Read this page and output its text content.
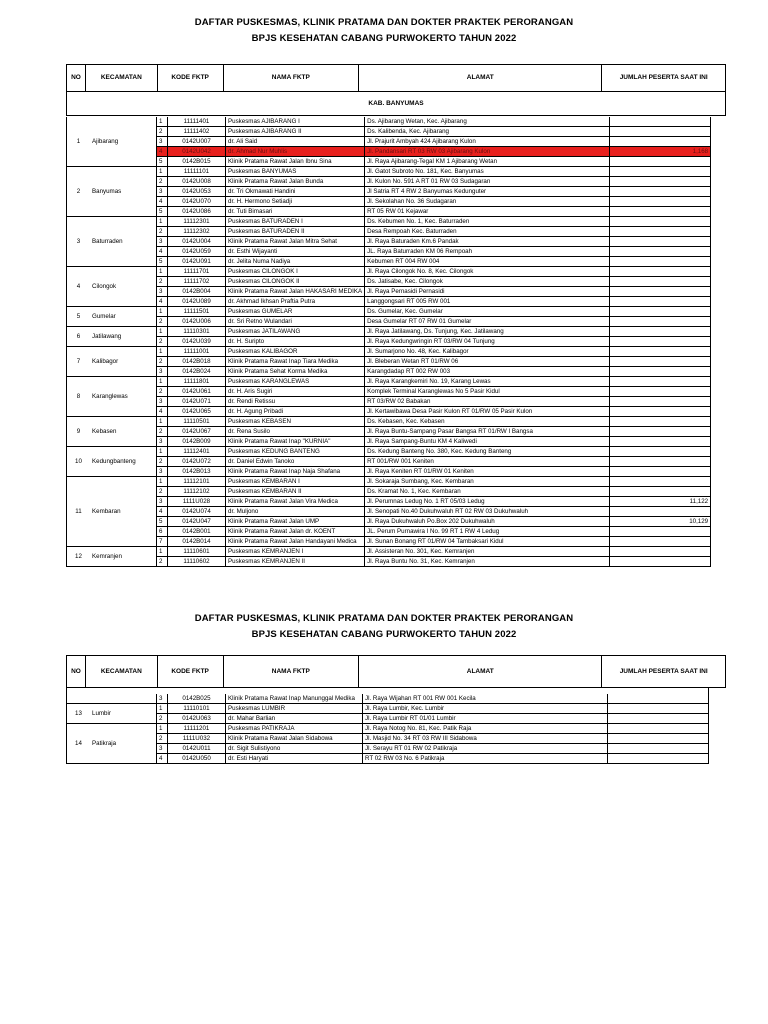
DAFTAR PUSKESMAS, KLINIK PRATAMA DAN DOKTER PRAKTEK PERORANGAN
BPJS KESEHATAN CABANG PURWOKERTO TAHUN 2022
NO	KECAMATAN	KODE FKTP	NAMA FKTP	ALAMAT	JUMLAH PESERTA SAAT INI
KAB. BANYUMAS
1	Ajibarang	1	11111401	Puskesmas AJIBARANG I	Ds. Ajibarang Wetan, Kec. Ajibarang	
		2	11111402	Puskesmas AJIBARANG II	Ds. Kalibenda, Kec. Ajibarang	
		3	0142U007	dr. Ali Said	Jl. Prajurit Ambyah 424 Ajibarang Kulon	
		4	0142U042	dr. Ahmad Nur Muhlis	Jl. Pandansari RT 03 RW 03 Ajibarang Kulon	1,168
		5	0142B015	Klinik Pratama Rawat Jalan Ibnu Sina	Jl. Raya Ajibarang-Tegal KM 1 Ajibarang Wetan	
2	Banyumas	1	11111101	Puskesmas BANYUMAS	Jl. Gatot Subroto No. 181, Kec. Banyumas	
		2	0142U008	Klinik Pratama Rawat Jalan Bunda	Jl. Kulon No. 591 A RT 01 RW 03 Sudagaran	
		3	0142U053	dr. Tri Okmawati Handini	Jl Satria RT 4 RW 2 Banyumas Kedunguter	
		4	0142U070	dr. H. Hermono Setiadji	Jl. Sekolahan No. 36 Sudagaran	
		5	0142U086	dr. Tuti Bimasari	RT 05 RW 01 Kejawar	
3	Baturraden	1	11112301	Puskesmas BATURADEN I	Ds. Kebumen No. 1, Kec. Baturraden	
		2	11112302	Puskesmas BATURADEN II	Desa Rempoah Kec. Baturraden	
		3	0142U004	Klinik Pratama Rawat Jalan Mitra Sehat	Jl. Raya Baturaden Km.6 Pandak	
		4	0142U059	dr. Esthi Wijayanti	JL. Raya Baturraden KM 06 Rempoah	
		5	0142U091	dr. Jelita Numa Nadiya	Kebumen RT 004 RW 004	
4	Cilongok	1	11111701	Puskesmas CILONGOK I	Jl. Raya Cilongok No. 8, Kec. Cilongok	
		2	11111702	Puskesmas CILONGOK II	Ds. Jatisabe, Kec. Cilongok	
		3	0142B004	Klinik Pratama Rawat Jalan HAKASARI MEDIKA	Jl. Raya Pernasidi Pernasidi	
		4	0142U089	dr. Akhmad Ikhsan Praftia Putra	Langgongsari RT 005 RW 001	
5	Gumelar	1	11111501	Puskesmas GUMELAR	Ds. Gumelar, Kec. Gumelar	
		2	0142U006	dr. Sri Retno Wulandari	Desa Gumelar RT 07 RW 01 Gumelar	
6	Jatilawang	1	11110301	Puskesmas JATILAWANG	Jl. Raya Jatilawang, Ds. Tunjung, Kec. Jatilawang	
		2	0142U039	dr. H. Suripto	Jl. Raya Kedungwringin RT 03/RW 04 Tunjung	
7	Kalibagor	1	11111001	Puskesmas KALIBAGOR	Jl. Sumarjono No. 48, Kec. Kalibagor	
		2	0142B018	Klinik Pratama Rawat Inap Tiara Medika	Jl. Bleberan Wetan RT 01/RW 06	
		3	0142B024	Klinik Pratama Sehat Korma Medika	Karangdadap RT 002 RW 003	
8	Karanglewas	1	11111801	Puskesmas KARANGLEWAS	Jl. Raya Karangkemiri No. 19, Karang Lewas	
		2	0142U061	dr. H. Aris Sugiri	Komplek Terminal Karanglewas No 5 Pasir Kidul	
		3	0142U071	dr. Rendi Retissu	RT 03/RW 02 Babakan	
		4	0142U065	dr. H. Agung Pribadi	Jl. Kertawibawa Desa Pasir Kulon RT 01/RW 05 Pasir Kulon	
9	Kebasen	1	11110501	Puskesmas KEBASEN	Ds. Kebasen, Kec. Kebasen	
		2	0142U067	dr. Rena Susilo	Jl. Raya Buntu-Sampang Pasar Bangsa RT 01/RW I Bangsa	
		3	0142B009	Klinik Pratama Rawat Inap "KURNIA"	Jl. Raya Sampang-Buntu KM 4 Kaliwedi	
10	Kedungbanteng	1	11112401	Puskesmas KEDUNG BANTENG	Ds. Kedung Banteng No. 380, Kec. Kedung Banteng	
		2	0142U072	dr. Daniel Edwin Tanoko	RT 001/RW 001 Keniten	
		3	0142B013	Klinik Pratama Rawat Inap Naja Shafana	Jl. Raya Keniten RT 01/RW 01 Keniten	
11	Kembaran	1	11112101	Puskesmas KEMBARAN I	Jl. Sokaraja Sumbang, Kec. Kembaran	
		2	11112102	Puskesmas KEMBARAN II	Ds. Kramat No. 1, Kec. Kembaran	
		3	1111U028	Klinik Pratama Rawat Jalan Vira Medica	Jl. Perumnas Ledug No. 1 RT 05/03 Ledug	11,122
		4	0142U074	dr. Muljono	Jl. Senopati No.40 Dukuhwaluh RT 02 RW 03 Dukuhwaluh	
		5	0142U047	Klinik Pratama Rawat Jalan UMP	Jl. Raya Dukuhwaluh Po.Box 202 Dukuhwaluh	10,129
		6	0142B001	Klinik Pratama Rawat Jalan dr. KOENT	JL. Perum Purnawira I No. 99 RT 1 RW 4 Ledug	
		7	0142B014	Klinik Pratama Rawat Jalan Handayani Medica	Jl. Sunan Bonang RT 01/RW 04 Tambaksari Kidul	
12	Kemranjen	1	11110601	Puskesmas KEMRANJEN I	Jl. Assisteran No. 301, Kec. Kemranjen	
		2	11110602	Puskesmas KEMRANJEN II	Jl. Raya Buntu No. 31, Kec. Kemranjen	
DAFTAR PUSKESMAS, KLINIK PRATAMA DAN DOKTER PRAKTEK PERORANGAN
BPJS KESEHATAN CABANG PURWOKERTO TAHUN 2022
NO	KECAMATAN	KODE FKTP	NAMA FKTP	ALAMAT	JUMLAH PESERTA SAAT INI

		3	0142B025	Klinik Pratama Rawat Inap Manunggal Medika	Jl. Raya Wijahan RT 001 RW 001 Kecila	
13	Lumbir	1	11110101	Puskesmas LUMBIR	Jl. Raya Lumbir, Kec. Lumbir	
		2	0142U063	dr. Mahar Barlian	Jl. Raya Lumbir RT 01/01 Lumbir	
14	Patikraja	1	11111201	Puskesmas PATIKRAJA	Jl. Raya Notog No. 81, Kec. Patik Raja	
		2	1111U032	Klinik Pratama Rawat Jalan Sidabowa	Jl. Masjid No. 34 RT 03 RW III Sidabowa	
		3	0142U011	dr. Sigit Sulistiyono	Jl. Serayu RT 01 RW 02 Patikraja	
		4	0142U050	dr. Esti Haryati	RT 02 RW 03 No. 6 Patikraja	
